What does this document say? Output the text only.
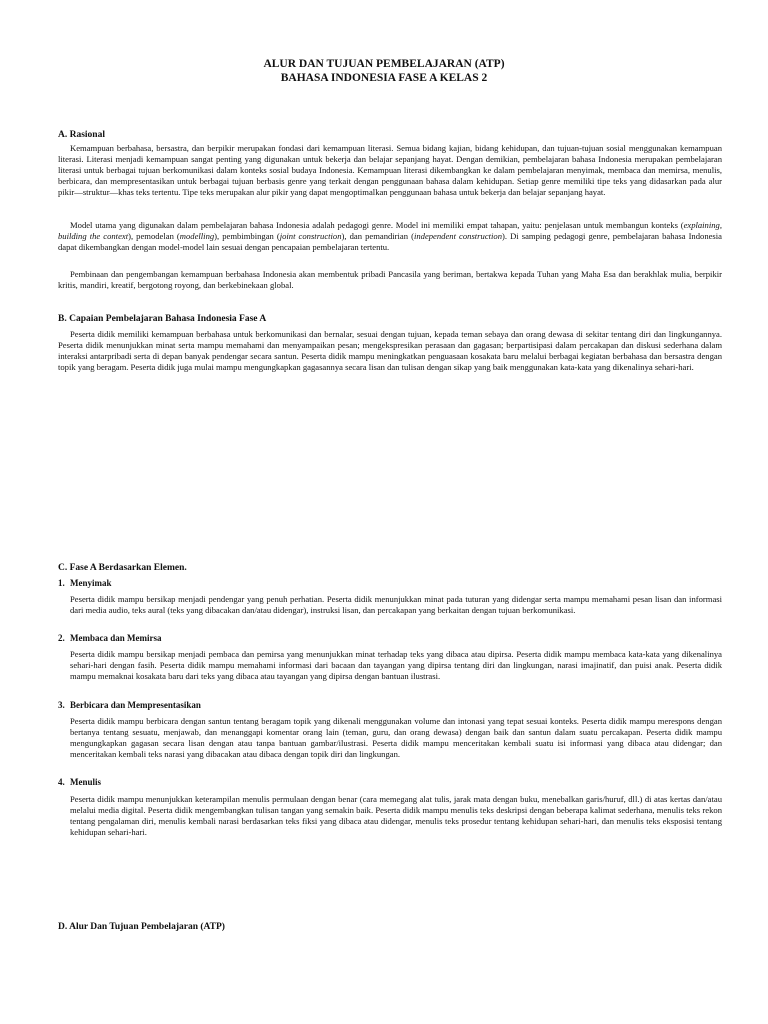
ALUR DAN TUJUAN PEMBELAJARAN (ATP)
BAHASA INDONESIA FASE A KELAS 2
A. Rasional

Kemampuan berbahasa, bersastra, dan berpikir merupakan fondasi dari kemampuan literasi. Semua bidang kajian, bidang kehidupan, dan tujuan-tujuan sosial menggunakan kemampuan literasi. Literasi menjadi kemampuan sangat penting yang digunakan untuk bekerja dan belajar sepanjang hayat. Dengan demikian, pembelajaran bahasa Indonesia merupakan pembelajaran literasi untuk berbagai tujuan berkomunikasi dalam konteks sosial budaya Indonesia. Kemampuan literasi dikembangkan ke dalam pembelajaran menyimak, membaca dan memirsa, menulis, berbicara, dan mempresentasikan untuk berbagai tujuan berbasis genre yang terkait dengan penggunaan bahasa dalam kehidupan. Setiap genre memiliki tipe teks yang didasarkan pada alur pikir—struktur—khas teks tertentu. Tipe teks merupakan alur pikir yang dapat mengoptimalkan penggunaan bahasa untuk bekerja dan belajar sepanjang hayat.

Model utama yang digunakan dalam pembelajaran bahasa Indonesia adalah pedagogi genre. Model ini memiliki empat tahapan, yaitu: penjelasan untuk membangun konteks (explaining, building the context), pemodelan (modelling), pembimbingan (joint construction), dan pemandirian (independent construction). Di samping pedagogi genre, pembelajaran bahasa Indonesia dapat dikembangkan dengan model-model lain sesuai dengan pencapaian pembelajaran tertentu.

Pembinaan dan pengembangan kemampuan berbahasa Indonesia akan membentuk pribadi Pancasila yang beriman, bertakwa kepada Tuhan yang Maha Esa dan berakhlak mulia, berpikir kritis, mandiri, kreatif, bergotong royong, dan berkebinekaan global.

B. Capaian Pembelajaran Bahasa Indonesia Fase A

Peserta didik memiliki kemampuan berbahasa untuk berkomunikasi dan bernalar, sesuai dengan tujuan, kepada teman sebaya dan orang dewasa di sekitar tentang diri dan lingkungannya. Peserta didik menunjukkan minat serta mampu memahami dan menyampaikan pesan; mengekspresikan perasaan dan gagasan; berpartisipasi dalam percakapan dan diskusi sederhana dalam interaksi antarpribadi serta di depan banyak pendengar secara santun. Peserta didik mampu meningkatkan penguasaan kosakata baru melalui berbagai kegiatan berbahasa dan bersastra dengan topik yang beragam. Peserta didik juga mulai mampu mengungkapkan gagasannya secara lisan dan tulisan dengan sikap yang baik menggunakan kata-kata yang dikenalinya sehari-hari.

C. Fase A Berdasarkan Elemen.
1. Menyimak

Peserta didik mampu bersikap menjadi pendengar yang penuh perhatian. Peserta didik menunjukkan minat pada tuturan yang didengar serta mampu memahami pesan lisan dan informasi dari media audio, teks aural (teks yang dibacakan dan/atau didengar), instruksi lisan, dan percakapan yang berkaitan dengan tujuan berkomunikasi.

2. Membaca dan Memirsa

Peserta didik mampu bersikap menjadi pembaca dan pemirsa yang menunjukkan minat terhadap teks yang dibaca atau dipirsa. Peserta didik mampu membaca kata-kata yang dikenalinya sehari-hari dengan fasih. Peserta didik mampu memahami informasi dari bacaan dan tayangan yang dipirsa tentang diri dan lingkungan, narasi imajinatif, dan puisi anak. Peserta didik mampu memaknai kosakata baru dari teks yang dibaca atau tayangan yang dipirsa dengan bantuan ilustrasi.

3. Berbicara dan Mempresentasikan

Peserta didik mampu berbicara dengan santun tentang beragam topik yang dikenali menggunakan volume dan intonasi yang tepat sesuai konteks. Peserta didik mampu merespons dengan bertanya tentang sesuatu, menjawab, dan menanggapi komentar orang lain (teman, guru, dan orang dewasa) dengan baik dan santun dalam suatu percakapan. Peserta didik mampu mengungkapkan gagasan secara lisan dengan atau tanpa bantuan gambar/ilustrasi. Peserta didik mampu menceritakan kembali suatu isi informasi yang dibaca atau didengar; dan menceritakan kembali teks narasi yang dibacakan atau dibaca dengan topik diri dan lingkungan.

4. Menulis

Peserta didik mampu menunjukkan keterampilan menulis permulaan dengan benar (cara memegang alat tulis, jarak mata dengan buku, menebalkan garis/huruf, dll.) di atas kertas dan/atau melalui media digital. Peserta didik mengembangkan tulisan tangan yang semakin baik. Peserta didik mampu menulis teks deskripsi dengan beberapa kalimat sederhana, menulis teks rekon tentang pengalaman diri, menulis kembali narasi berdasarkan teks fiksi yang dibaca atau didengar, menulis teks prosedur tentang kehidupan sehari-hari, dan menulis teks eksposisi tentang kehidupan sehari-hari.

D. Alur Dan Tujuan Pembelajaran (ATP)
